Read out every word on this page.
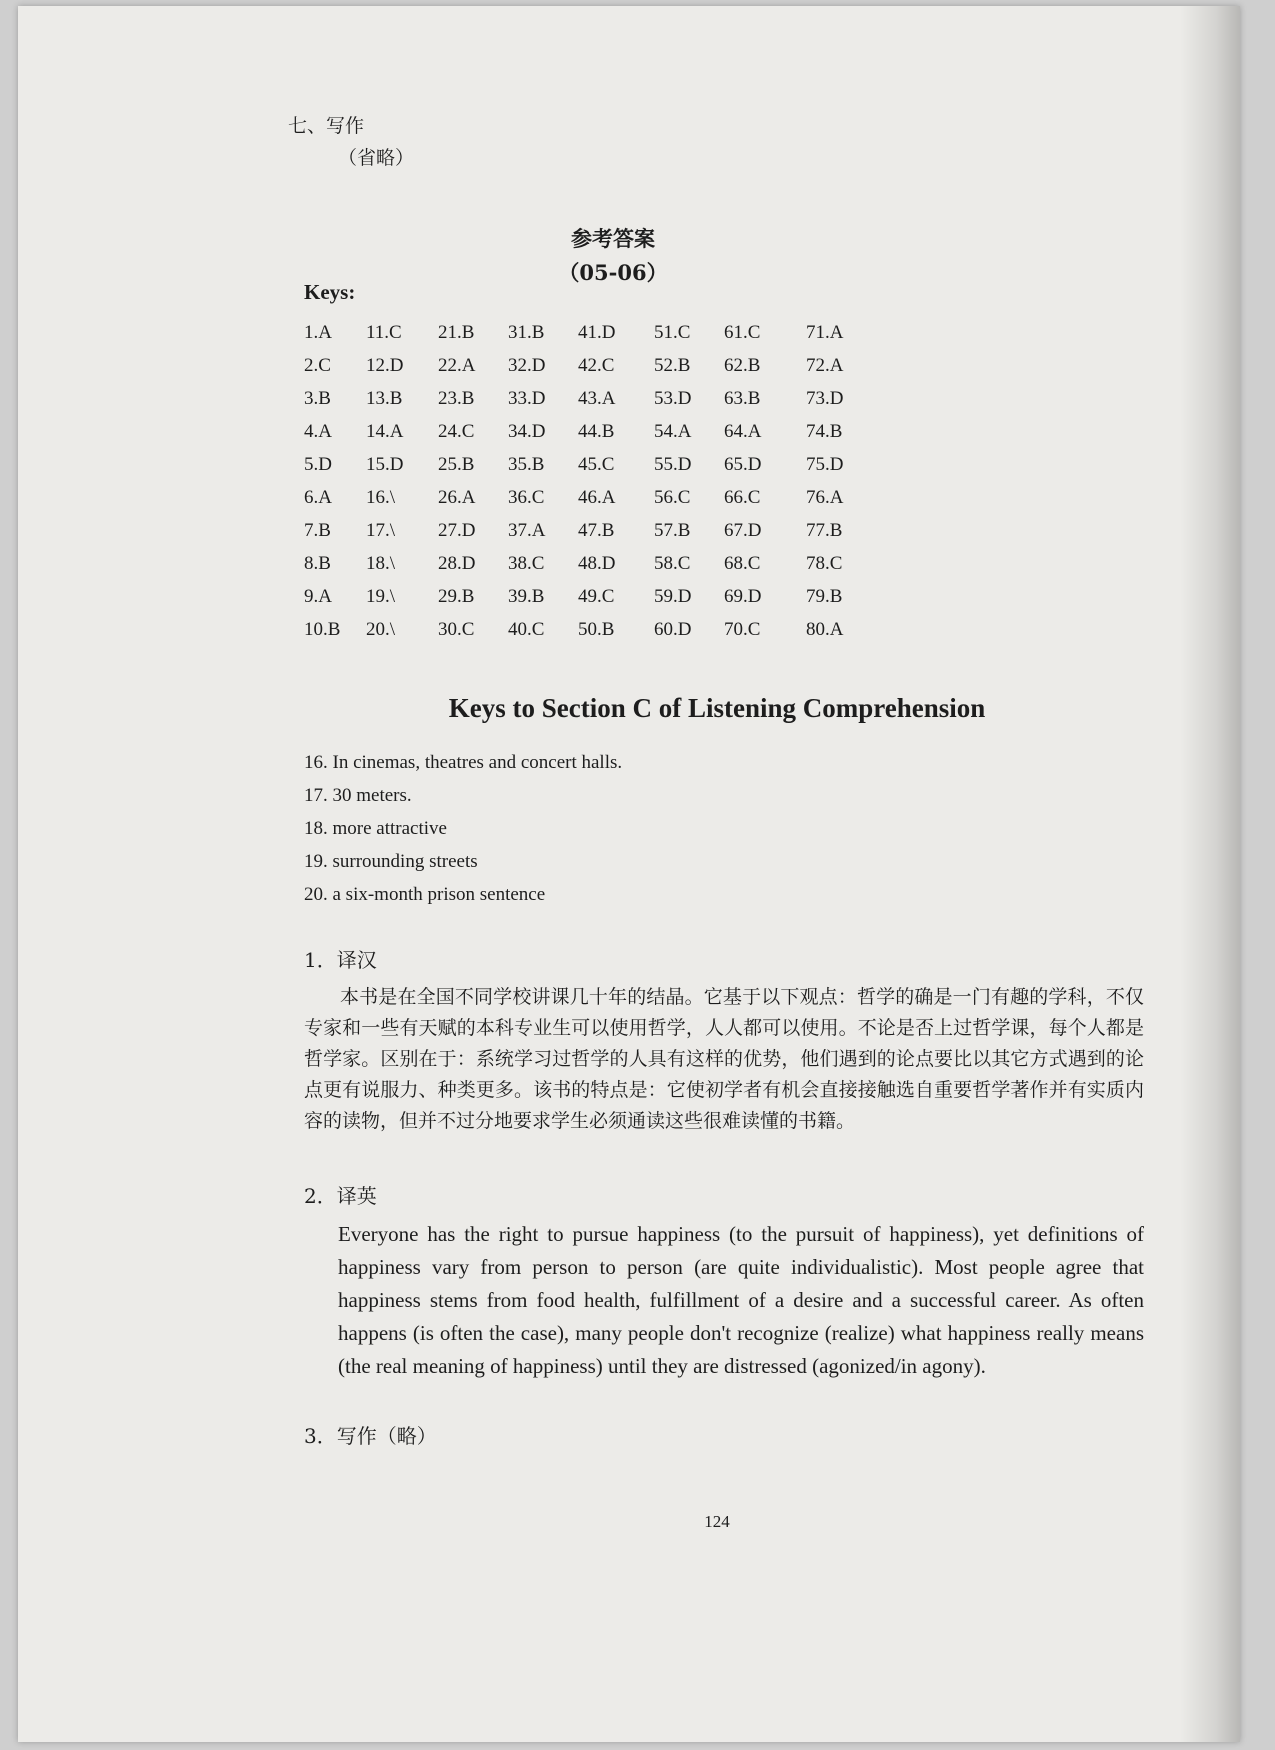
七、写作
（省略）
参考答案
（05-06）
Keys:
1.A	11.C	21.B	31.B	41.D	51.C	61.C	71.A
2.C	12.D	22.A	32.D	42.C	52.B	62.B	72.A
3.B	13.B	23.B	33.D	43.A	53.D	63.B	73.D
4.A	14.A	24.C	34.D	44.B	54.A	64.A	74.B
5.D	15.D	25.B	35.B	45.C	55.D	65.D	75.D
6.A	16.\	26.A	36.C	46.A	56.C	66.C	76.A
7.B	17.\	27.D	37.A	47.B	57.B	67.D	77.B
8.B	18.\	28.D	38.C	48.D	58.C	68.C	78.C
9.A	19.\	29.B	39.B	49.C	59.D	69.D	79.B
10.B	20.\	30.C	40.C	50.B	60.D	70.C	80.A
Keys to Section C of Listening Comprehension
16. In cinemas, theatres and concert halls.
17. 30 meters.
18. more attractive
19. surrounding streets
20. a six-month prison sentence
1．译汉
本书是在全国不同学校讲课几十年的结晶。它基于以下观点：哲学的确是一门有趣的学科，不仅专家和一些有天赋的本科专业生可以使用哲学，人人都可以使用。不论是否上过哲学课，每个人都是哲学家。区别在于：系统学习过哲学的人具有这样的优势，他们遇到的论点要比以其它方式遇到的论点更有说服力、种类更多。该书的特点是：它使初学者有机会直接接触选自重要哲学著作并有实质内容的读物，但并不过分地要求学生必须通读这些很难读懂的书籍。
2．译英
Everyone has the right to pursue happiness (to the pursuit of happiness), yet definitions of happiness vary from person to person (are quite individualistic). Most people agree that happiness stems from food health, fulfillment of a desire and a successful career. As often happens (is often the case), many people don't recognize (realize) what happiness really means (the real meaning of happiness) until they are distressed (agonized/in agony).
3．写作（略）
124
